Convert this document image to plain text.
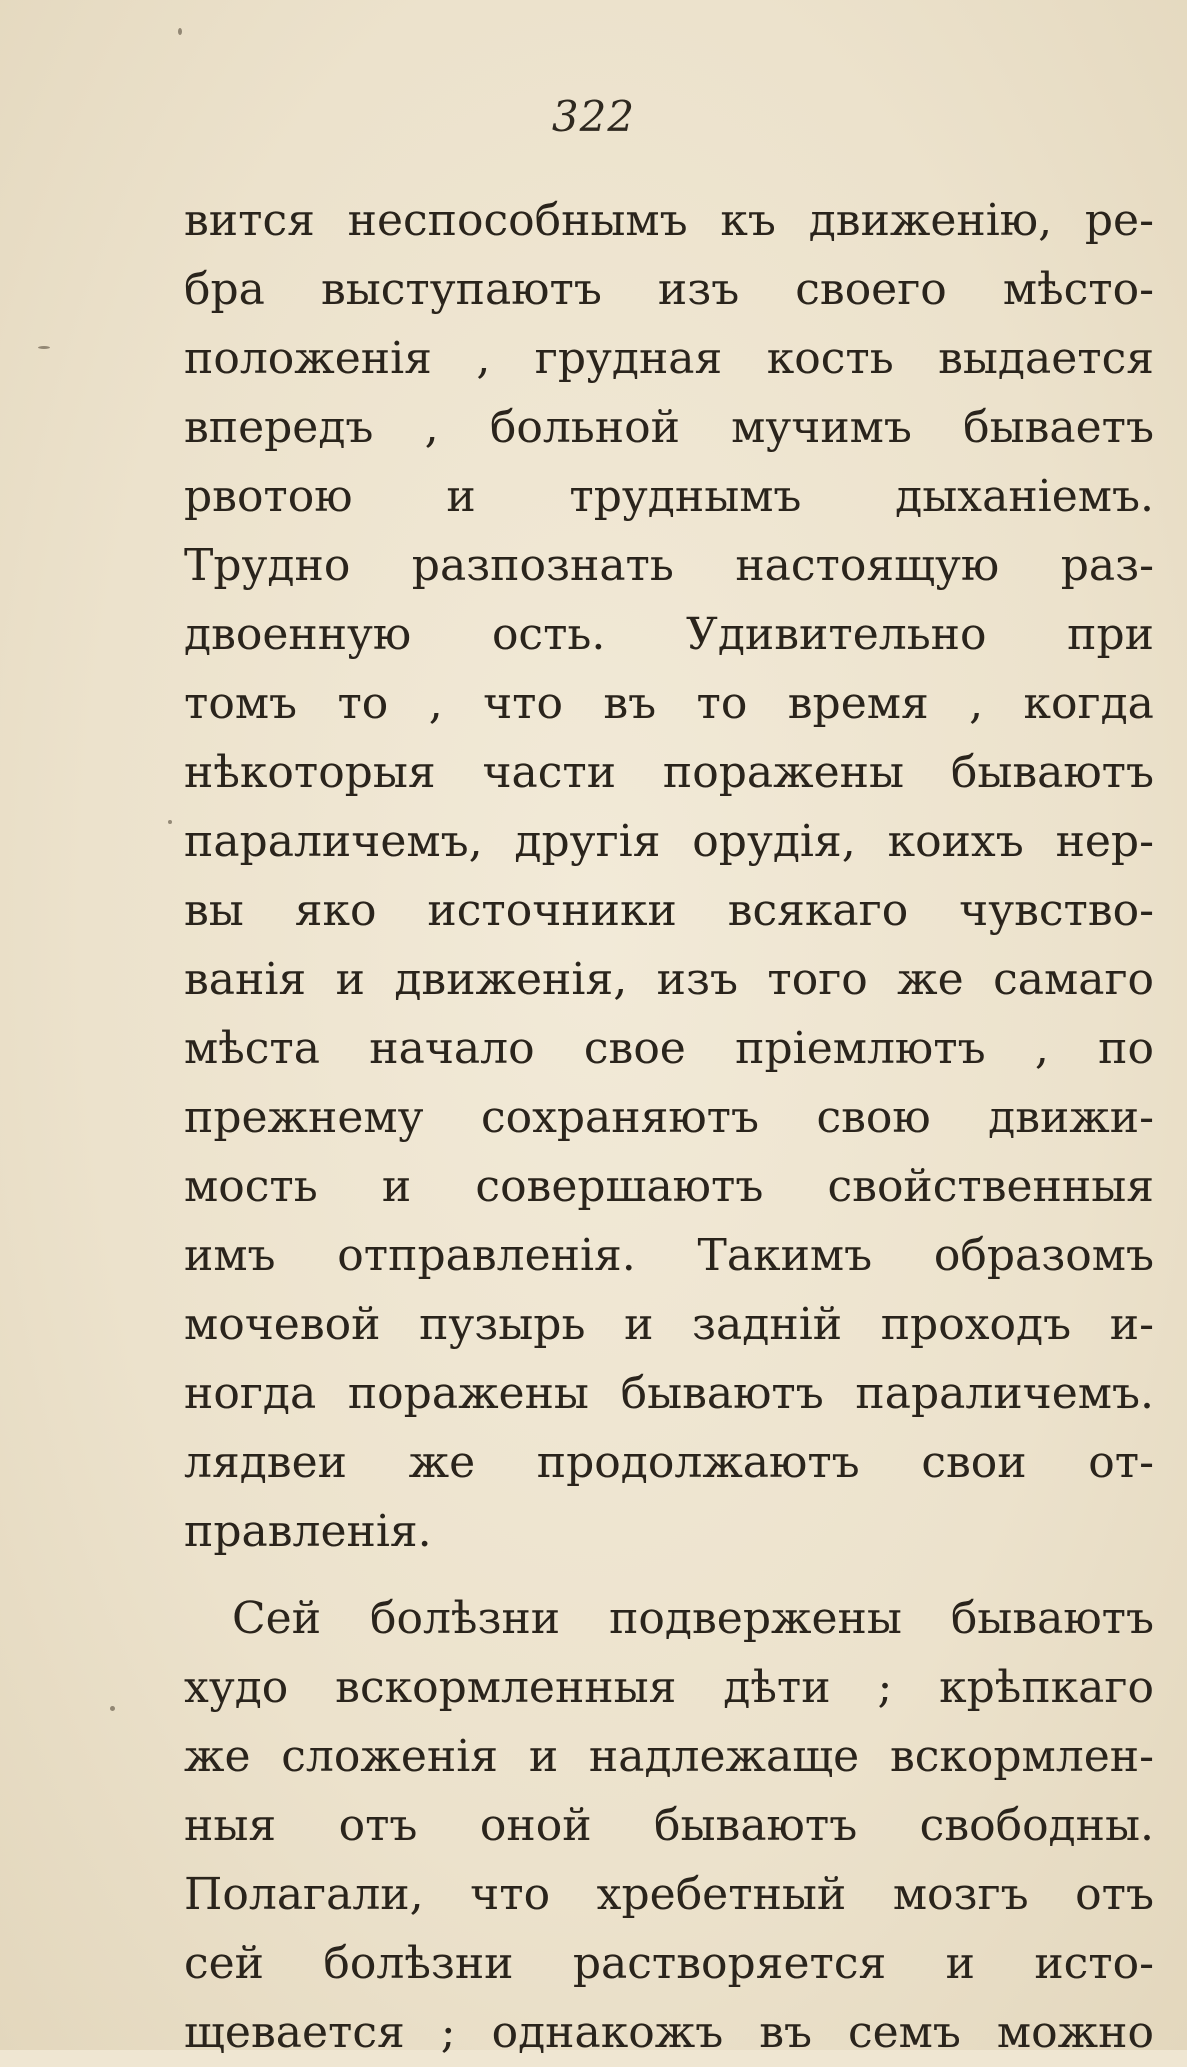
322
вится неспособнымъ къ движенію, ре-
бра выступаютъ изъ своего мѣсто-
положенія , грудная кость выдается
впередъ , больной мучимъ бываетъ
рвотою и труднымъ дыханіемъ.
Трудно разпознать настоящую раз-
двоенную ость. Удивительно при
томъ то , что въ то время , когда
нѣкоторыя части поражены бываютъ
параличемъ, другія орудія, коихъ нер-
вы яко источники всякаго чувство-
ванія и движенія, изъ того же самаго
мѣста начало свое пріемлютъ , по
прежнему сохраняютъ свою движи-
мость и совершаютъ свойственныя
имъ отправленія. Такимъ образомъ
мочевой пузырь и задній проходъ и-
ногда поражены бываютъ параличемъ.
лядвеи же продолжаютъ свои от-
правленія.
Сей болѣзни подвержены бываютъ
худо вскормленныя дѣти ; крѣпкаго
же сложенія и надлежаще вскормлен-
ныя отъ оной бываютъ свободны.
Полагали, что хребетный мозгъ отъ
сей болѣзни растворяется и исто-
щевается ; однакожъ въ семъ можно
